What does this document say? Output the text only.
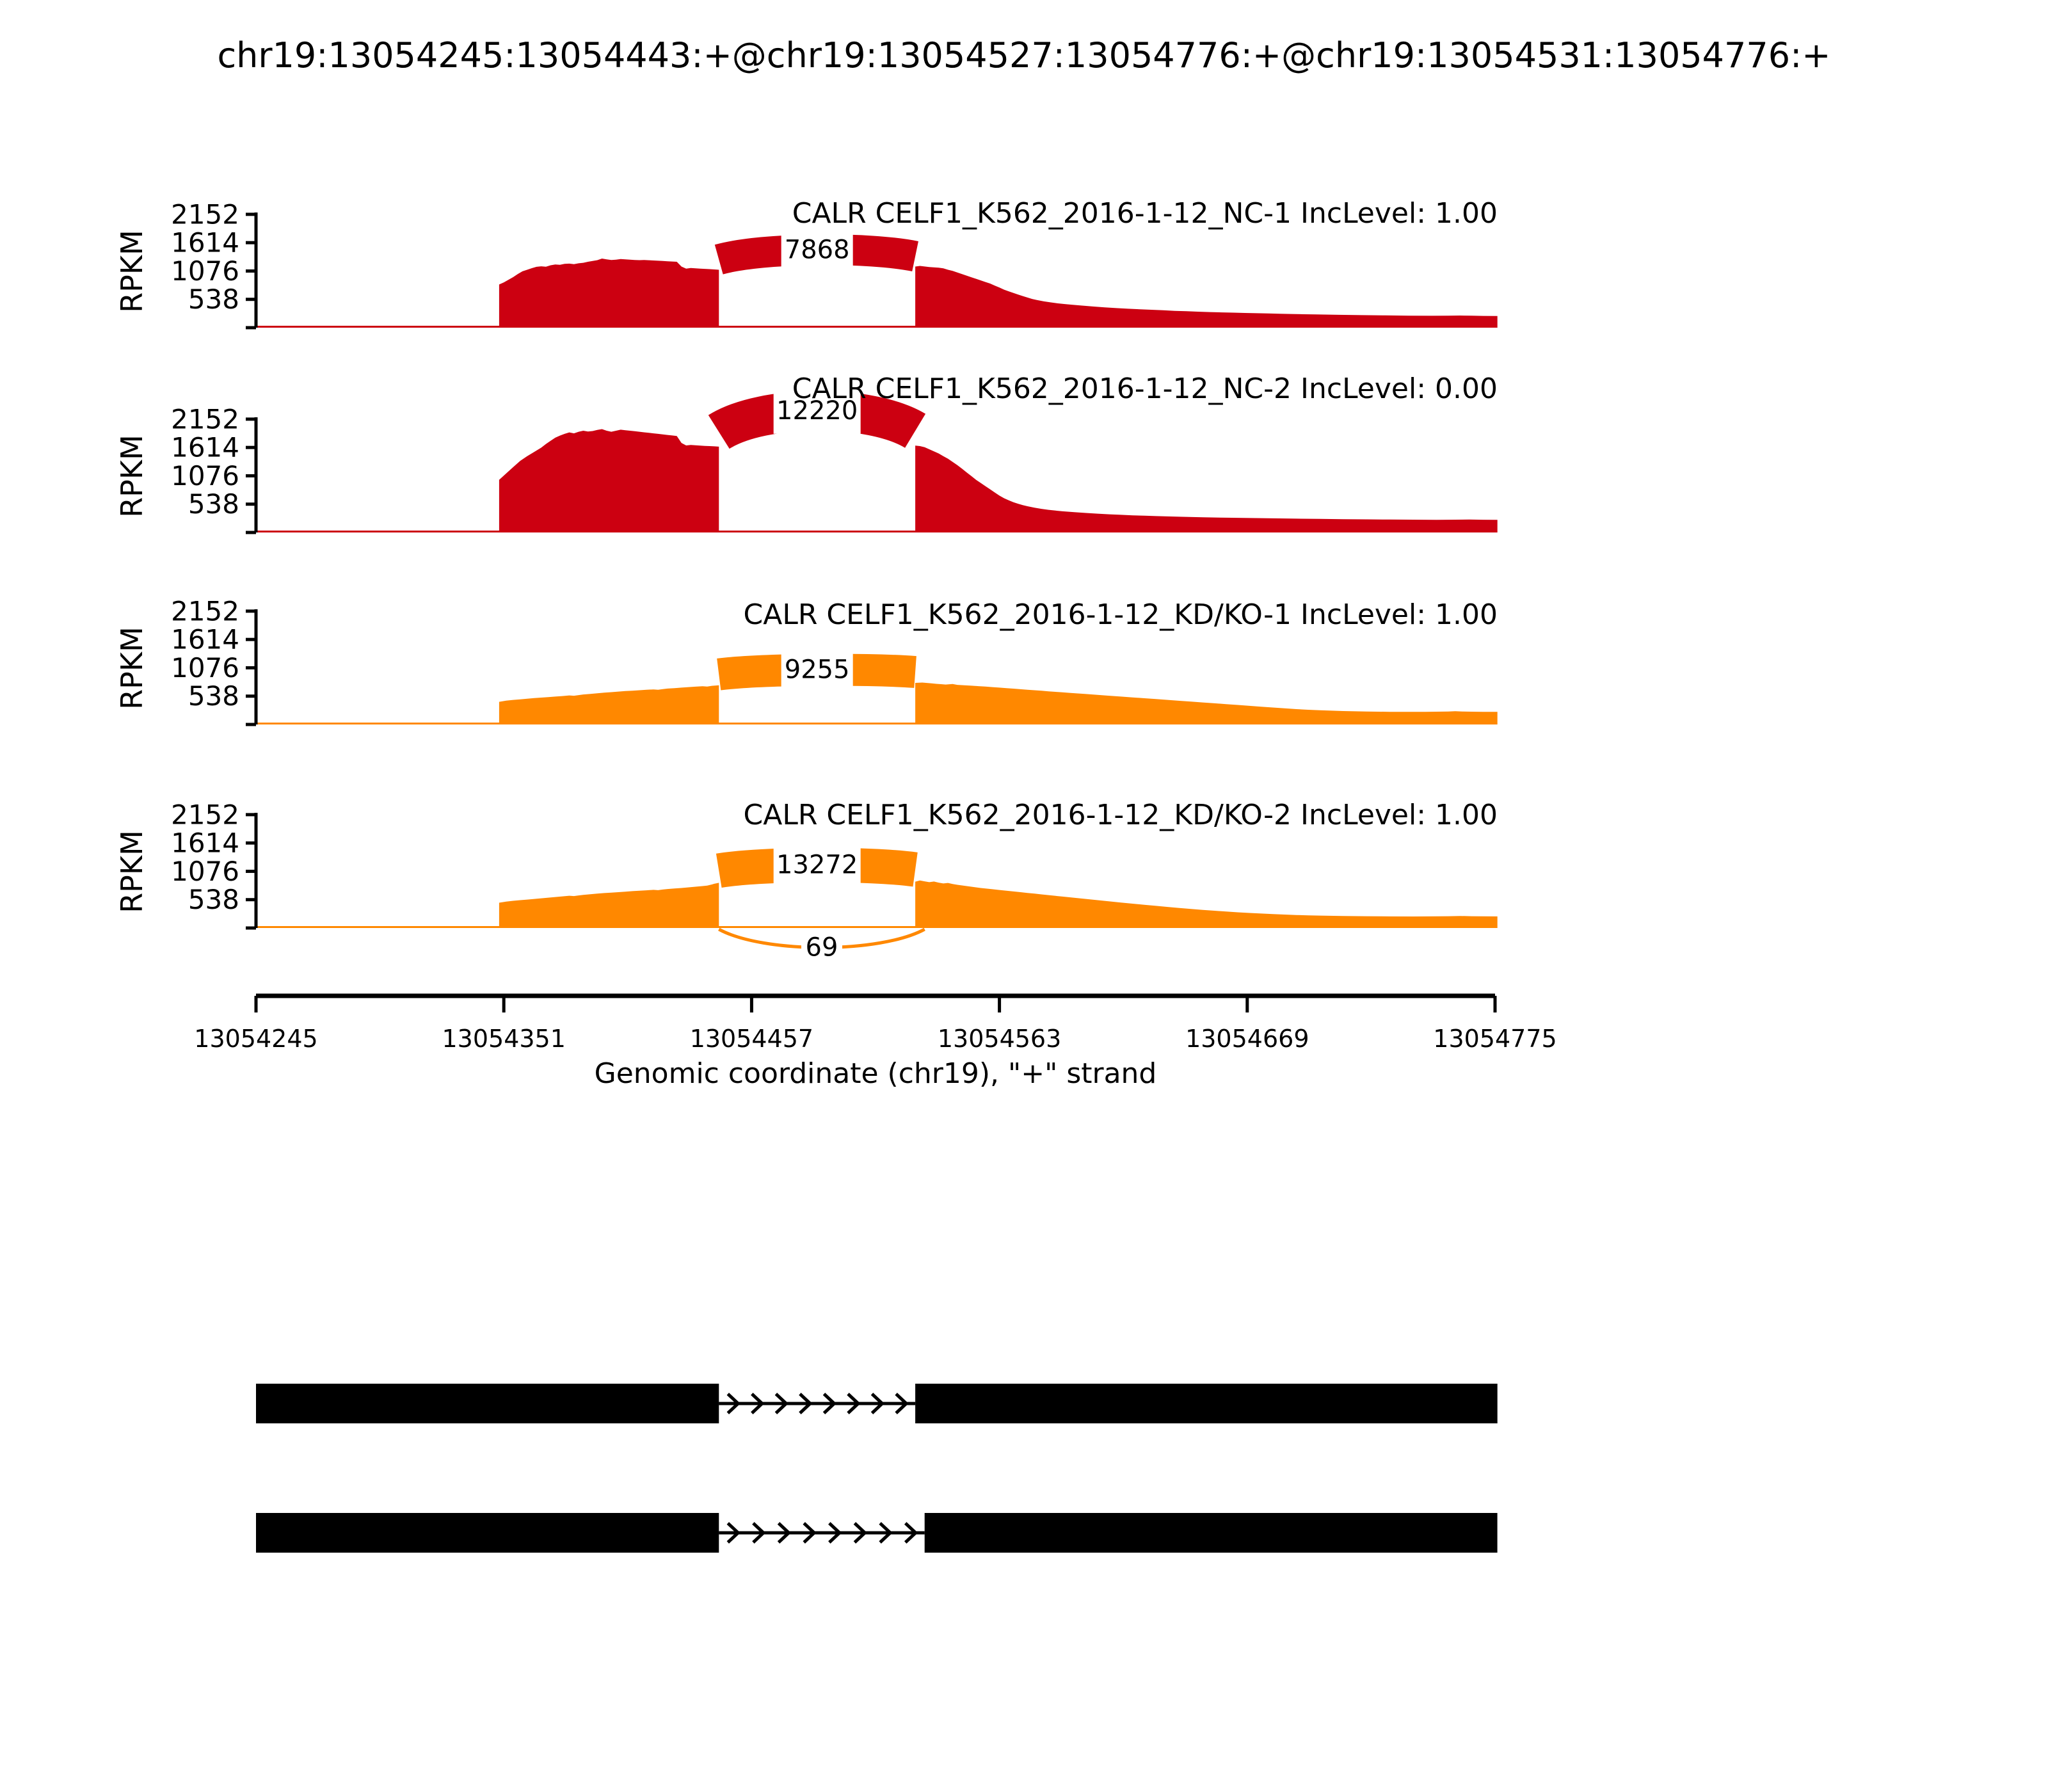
chr19:13054245:13054443:+@chr19:13054527:13054776:+@chr19:13054531:13054776:+
Genomic coordinate (chr19), "+" strand
7868
2152
1614
1076
538
RPKM
CALR CELF1_K562_2016-1-12_NC-1 IncLevel: 1.00
12220
2152
1614
1076
538
RPKM
CALR CELF1_K562_2016-1-12_NC-2 IncLevel: 0.00
9255
2152
1614
1076
538
RPKM
CALR CELF1_K562_2016-1-12_KD/KO-1 IncLevel: 1.00
13272
69
2152
1614
1076
538
RPKM
CALR CELF1_K562_2016-1-12_KD/KO-2 IncLevel: 1.00
13054245	13054351	13054457	13054563	13054669	13054775
